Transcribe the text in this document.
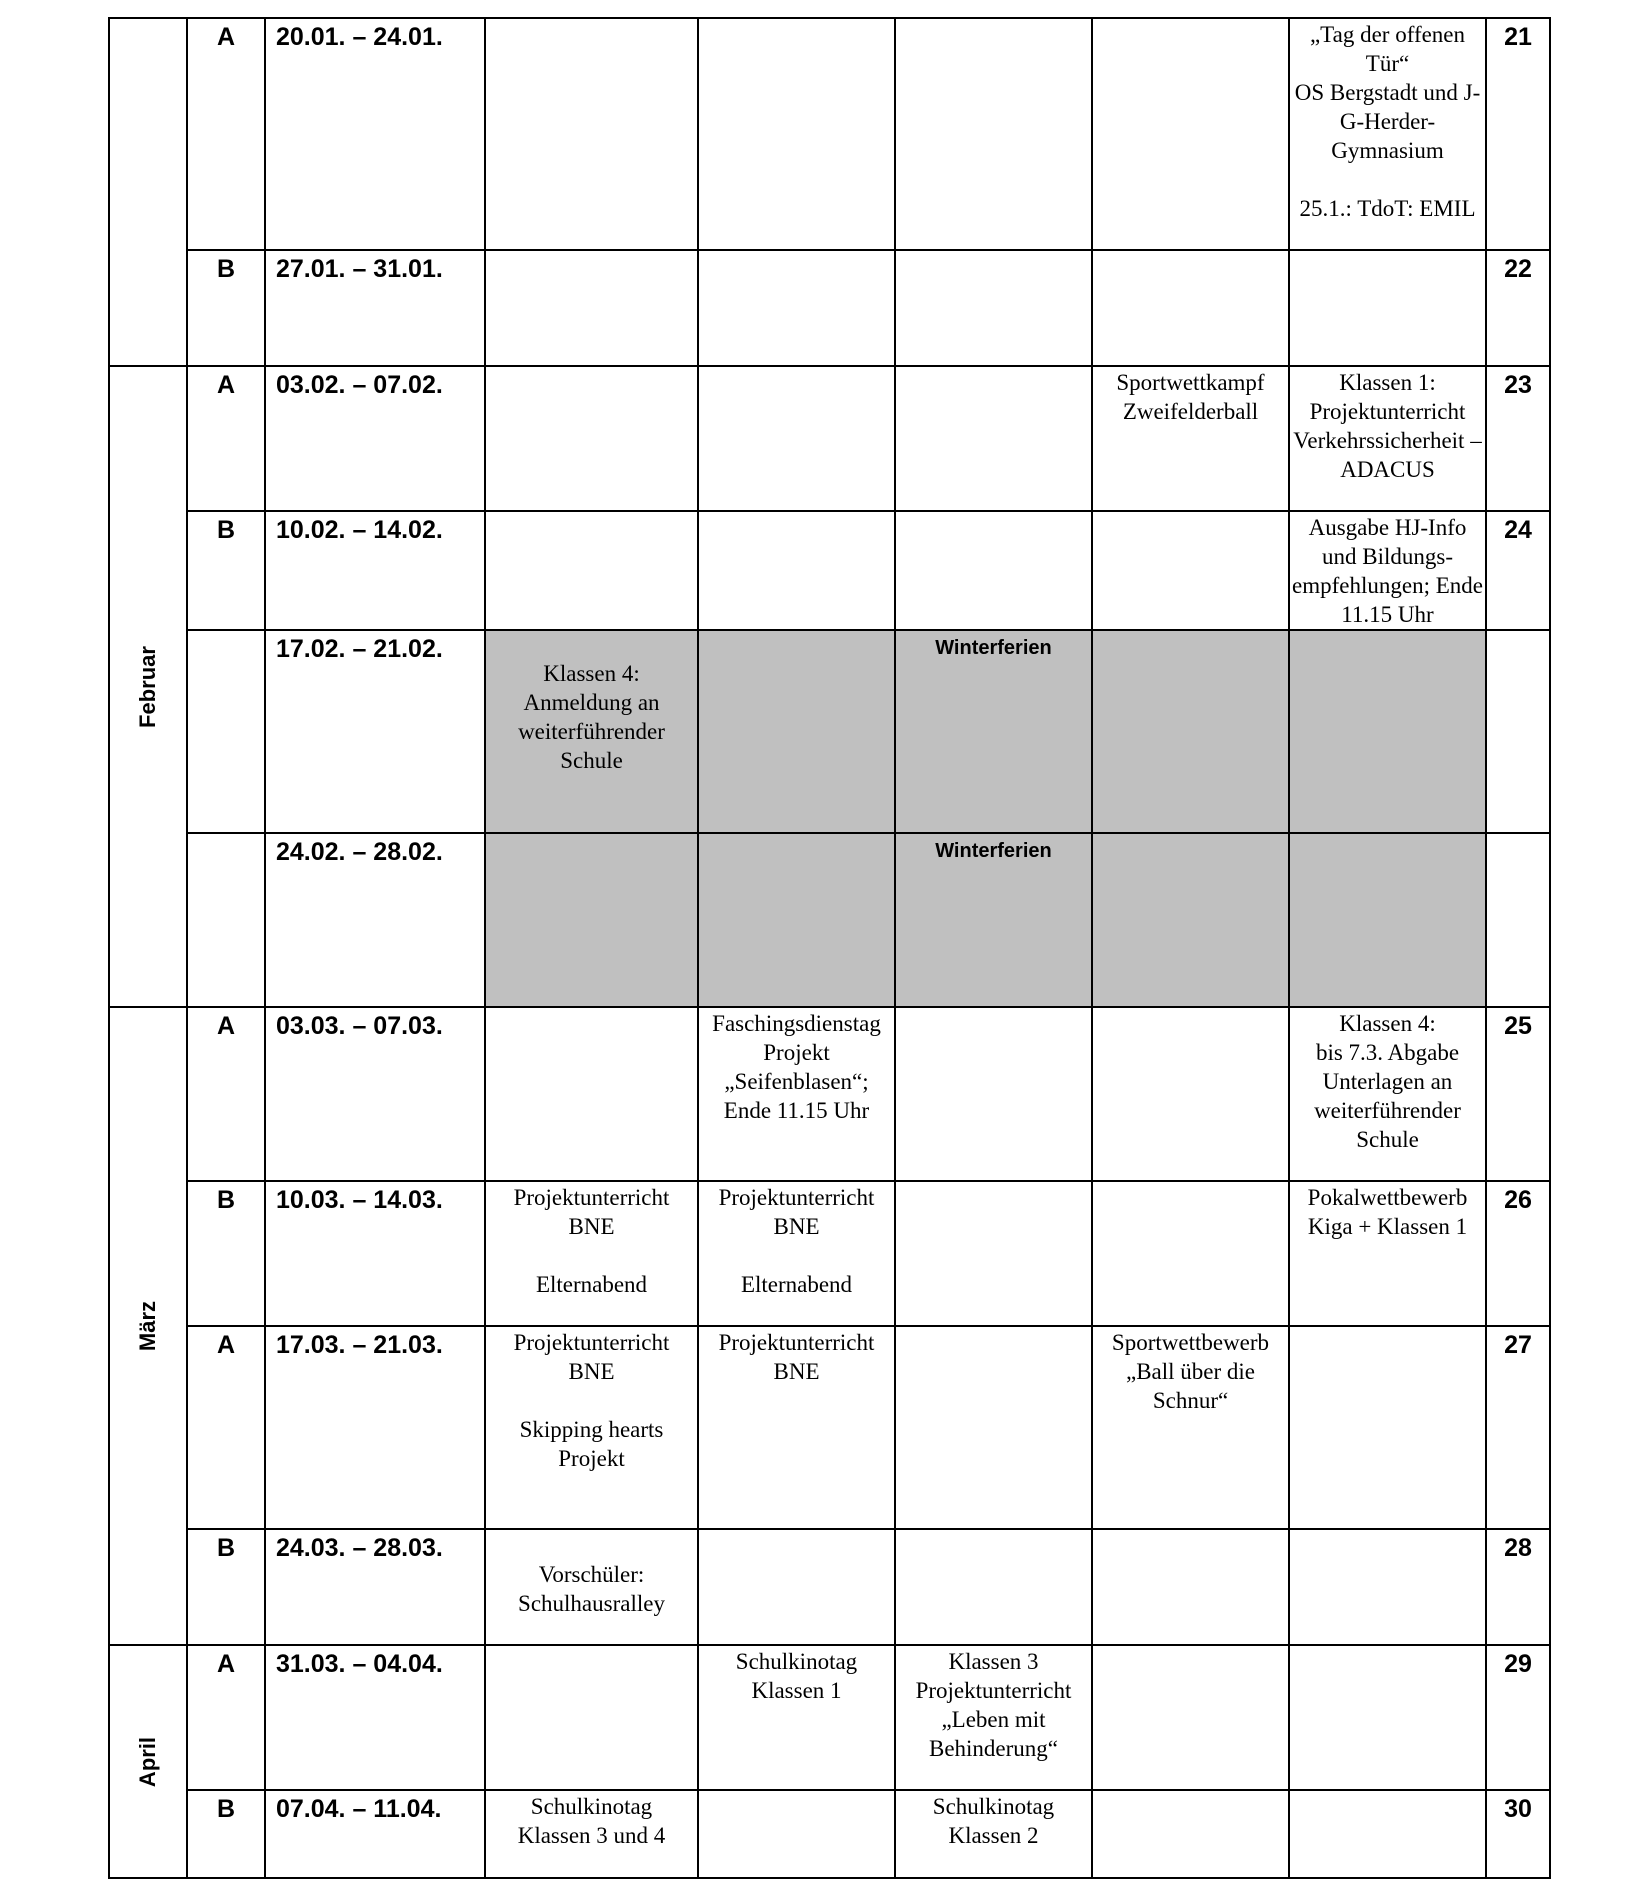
	A	20.01. – 24.01.					„Tag der offenen Tür“
OS Bergstadt und J-G-Herder-Gymnasium

25.1.: TdoT: EMIL	21

	B	27.01. – 31.01.						22

Februar	A	03.02. – 07.02.				Sportwettkampf
Zweifelderball	Klassen 1:
Projektunterricht Verkehrssicherheit – ADACUS	23

	B	10.02. – 14.02.					Ausgabe HJ-Info und Bildungs-empfehlungen; Ende 11.15 Uhr	24

		17.02. – 21.02.	Klassen 4:
Anmeldung an weiterführender Schule		Winterferien			

		24.02. – 28.02.			Winterferien			

März	A	03.03. – 07.03.		Faschingsdienstag Projekt „Seifenblasen“; Ende 11.15 Uhr			Klassen 4:
bis 7.3. Abgabe Unterlagen an weiterführender Schule	25

	B	10.03. – 14.03.	Projektunterricht
BNE

Elternabend	Projektunterricht
BNE

Elternabend			Pokalwettbewerb
Kiga + Klassen 1	26

	A	17.03. – 21.03.	Projektunterricht
BNE

Skipping hearts
Projekt	Projektunterricht
BNE		Sportwettbewerb
„Ball über die Schnur“		27

	B	24.03. – 28.03.	Vorschüler:
Schulhausralley					28

April	A	31.03. – 04.04.		Schulkinotag
Klassen 1	Klassen 3
Projektunterricht „Leben mit Behinderung“			29

	B	07.04. – 11.04.	Schulkinotag
Klassen 3 und 4		Schulkinotag
Klassen 2			30
